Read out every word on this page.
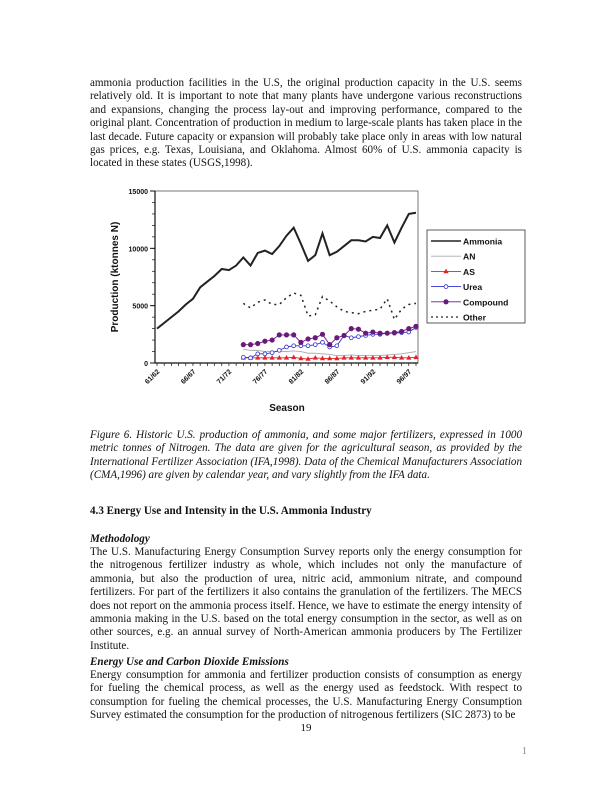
ammonia production facilities in the U.S, the original production capacity in the U.S. seems relatively old. It is important to note that many plants have undergone various reconstructions and expansions, changing the process lay-out and improving performance, compared to the original plant. Concentration of production in medium to large-scale plants has taken place in the last decade. Future capacity or expansion will probably take place only in areas with low natural gas prices, e.g. Texas, Louisiana, and Oklahoma. Almost 60% of U.S. ammonia capacity is located in these states (USGS,1998).

0
5000
10000
15000
61/62	66/67	71/72	76/77	81/82	86/87	91/92	96/97
Ammonia
AN
AS
Urea
Compound
Other
Production (ktonnes N)
Season

Figure 6. Historic U.S. production of ammonia, and some major fertilizers, expressed in 1000 metric tonnes of Nitrogen. The data are given for the agricultural season, as provided by the International Fertilizer Association (IFA,1998). Data of the Chemical Manufacturers Association (CMA,1996) are given by calendar year, and vary slightly from the IFA data.

4.3 Energy Use and Intensity in the U.S. Ammonia Industry

Methodology

The U.S. Manufacturing Energy Consumption Survey reports only the energy consumption for the nitrogenous fertilizer industry as whole, which includes not only the manufacture of ammonia, but also the production of urea, nitric acid, ammonium nitrate, and compound fertilizers. For part of the fertilizers it also contains the granulation of the fertilizers. The MECS does not report on the ammonia process itself. Hence, we have to estimate the energy intensity of ammonia making in the U.S. based on the total energy consumption in the sector, as well as on other sources, e.g. an annual survey of North-American ammonia producers by The Fertilizer Institute.

Energy Use and Carbon Dioxide Emissions

Energy consumption for ammonia and fertilizer production consists of consumption as energy for fueling the chemical process, as well as the energy used as feedstock. With respect to consumption for fueling the chemical processes, the U.S. Manufacturing Energy Consumption Survey estimated the consumption for the production of nitrogenous fertilizers (SIC 2873) to be

19
1
